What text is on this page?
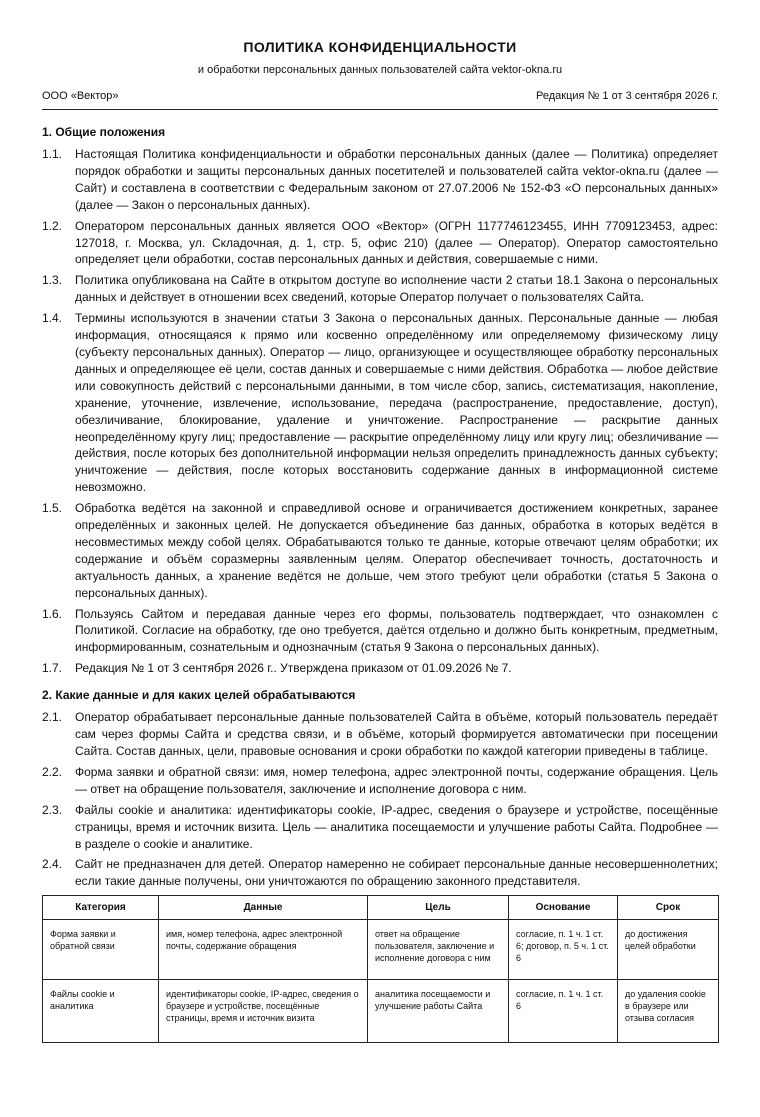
ПОЛИТИКА КОНФИДЕНЦИАЛЬНОСТИ
и обработки персональных данных пользователей сайта vektor-okna.ru
ООО «Вектор»	Редакция № 1 от 3 сентября 2026 г.
1. Общие положения
1.1.	Настоящая Политика конфиденциальности и обработки персональных данных (далее — Политика) определяет порядок обработки и защиты персональных данных посетителей и пользователей сайта vektor-okna.ru (далее — Сайт) и составлена в соответствии с Федеральным законом от 27.07.2006 № 152-ФЗ «О персональных данных» (далее — Закон о персональных данных).
1.2.	Оператором персональных данных является ООО «Вектор» (ОГРН 1177746123455, ИНН 7709123453, адрес: 127018, г. Москва, ул. Складочная, д. 1, стр. 5, офис 210) (далее — Оператор). Оператор самостоятельно определяет цели обработки, состав персональных данных и действия, совершаемые с ними.
1.3.	Политика опубликована на Сайте в открытом доступе во исполнение части 2 статьи 18.1 Закона о персональных данных и действует в отношении всех сведений, которые Оператор получает о пользователях Сайта.
1.4.	Термины используются в значении статьи 3 Закона о персональных данных. Персональные данные — любая информация, относящаяся к прямо или косвенно определённому или определяемому физическому лицу (субъекту персональных данных). Оператор — лицо, организующее и осуществляющее обработку персональных данных и определяющее её цели, состав данных и совершаемые с ними действия. Обработка — любое действие или совокупность действий с персональными данными, в том числе сбор, запись, систематизация, накопление, хранение, уточнение, извлечение, использование, передача (распространение, предоставление, доступ), обезличивание, блокирование, удаление и уничтожение. Распространение — раскрытие данных неопределённому кругу лиц; предоставление — раскрытие определённому лицу или кругу лиц; обезличивание — действия, после которых без дополнительной информации нельзя определить принадлежность данных субъекту; уничтожение — действия, после которых восстановить содержание данных в информационной системе невозможно.
1.5.	Обработка ведётся на законной и справедливой основе и ограничивается достижением конкретных, заранее определённых и законных целей. Не допускается объединение баз данных, обработка в которых ведётся в несовместимых между собой целях. Обрабатываются только те данные, которые отвечают целям обработки; их содержание и объём соразмерны заявленным целям. Оператор обеспечивает точность, достаточность и актуальность данных, а хранение ведётся не дольше, чем этого требуют цели обработки (статья 5 Закона о персональных данных).
1.6.	Пользуясь Сайтом и передавая данные через его формы, пользователь подтверждает, что ознакомлен с Политикой. Согласие на обработку, где оно требуется, даётся отдельно и должно быть конкретным, предметным, информированным, сознательным и однозначным (статья 9 Закона о персональных данных).
1.7.	Редакция № 1 от 3 сентября 2026 г.. Утверждена приказом от 01.09.2026 № 7.
2. Какие данные и для каких целей обрабатываются
2.1.	Оператор обрабатывает персональные данные пользователей Сайта в объёме, который пользователь передаёт сам через формы Сайта и средства связи, и в объёме, который формируется автоматически при посещении Сайта. Состав данных, цели, правовые основания и сроки обработки по каждой категории приведены в таблице.
2.2.	Форма заявки и обратной связи: имя, номер телефона, адрес электронной почты, содержание обращения. Цель — ответ на обращение пользователя, заключение и исполнение договора с ним.
2.3.	Файлы cookie и аналитика: идентификаторы cookie, IP-адрес, сведения о браузере и устройстве, посещённые страницы, время и источник визита. Цель — аналитика посещаемости и улучшение работы Сайта. Подробнее — в разделе о cookie и аналитике.
2.4.	Сайт не предназначен для детей. Оператор намеренно не собирает персональные данные несовершеннолетних; если такие данные получены, они уничтожаются по обращению законного представителя.
Категория	Данные	Цель	Основание	Срок
Форма заявки и обратной связи	имя, номер телефона, адрес электронной почты, содержание обращения	ответ на обращение пользователя, заключение и исполнение договора с ним	согласие, п. 1 ч. 1 ст. 6; договор, п. 5 ч. 1 ст. 6	до достижения целей обработки
Файлы cookie и аналитика	идентификаторы cookie, IP-адрес, сведения о браузере и устройстве, посещённые страницы, время и источник визита	аналитика посещаемости и улучшение работы Сайта	согласие, п. 1 ч. 1 ст. 6	до удаления cookie в браузере или отзыва согласия
